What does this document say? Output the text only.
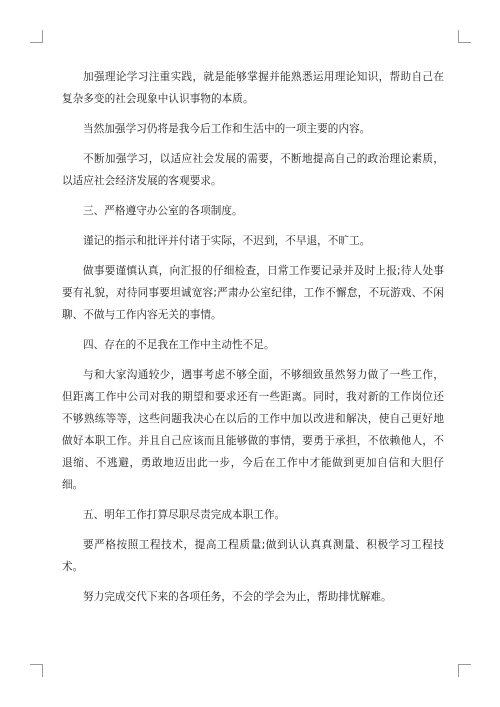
加强理论学习注重实践，就是能够掌握并能熟悉运用理论知识，帮助自己在复杂多变的社会现象中认识事物的本质。

当然加强学习仍将是我今后工作和生活中的一项主要的内容。

不断加强学习，以适应社会发展的需要，不断地提高自己的政治理论素质，以适应社会经济发展的客观要求。

三、严格遵守办公室的各项制度。

谨记的指示和批评并付诸于实际，不迟到，不早退，不旷工。

做事要谨慎认真，向汇报的仔细检查，日常工作要记录并及时上报;待人处事要有礼貌，对待同事要坦诚宽容;严肃办公室纪律，工作不懈怠，不玩游戏、不闲聊、不做与工作内容无关的事情。

四、存在的不足我在工作中主动性不足。

与和大家沟通较少，遇事考虑不够全面，不够细致虽然努力做了一些工作，但距离工作中公司对我的期望和要求还有一些距离。同时，我对新的工作岗位还不够熟练等等，这些问题我决心在以后的工作中加以改进和解决，使自己更好地做好本职工作。并且自己应该而且能够做的事情，要勇于承担，不依赖他人，不退缩、不逃避，勇敢地迈出此一步，今后在工作中才能做到更加自信和大胆仔细。

五、明年工作打算尽职尽责完成本职工作。

要严格按照工程技术，提高工程质量;做到认认真真测量、积极学习工程技术。

努力完成交代下来的各项任务，不会的学会为止，帮助排忧解难。
